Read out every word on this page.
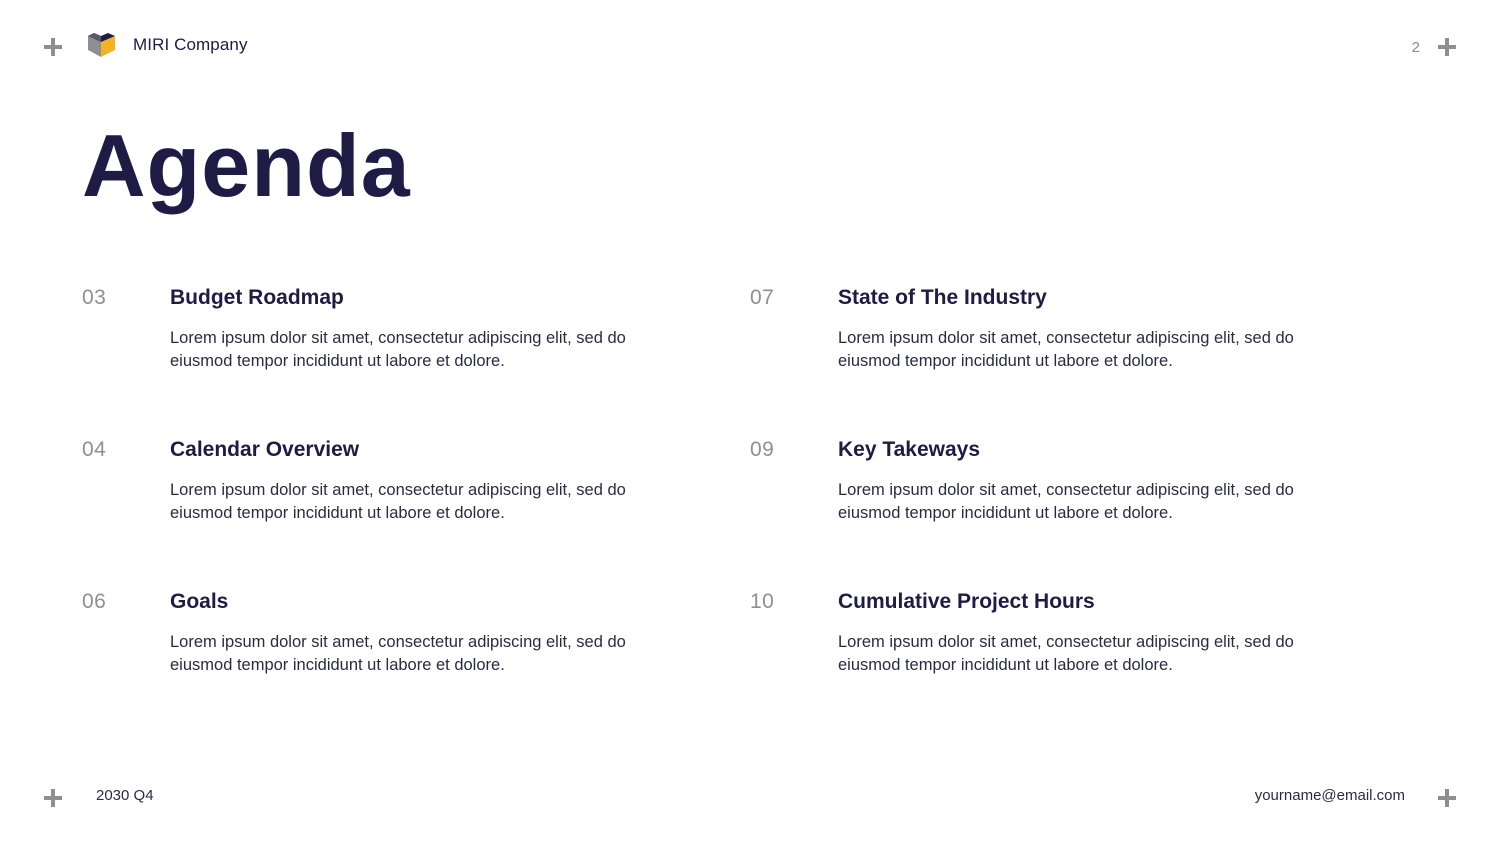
MIRI Company	2
Agenda
03	Budget Roadmap

Lorem ipsum dolor sit amet, consectetur adipiscing elit, sed do eiusmod tempor incididunt ut labore et dolore.

04	Calendar Overview

Lorem ipsum dolor sit amet, consectetur adipiscing elit, sed do eiusmod tempor incididunt ut labore et dolore.

06	Goals

Lorem ipsum dolor sit amet, consectetur adipiscing elit, sed do eiusmod tempor incididunt ut labore et dolore.

07	State of The Industry

Lorem ipsum dolor sit amet, consectetur adipiscing elit, sed do eiusmod tempor incididunt ut labore et dolore.

09	Key Takeways

Lorem ipsum dolor sit amet, consectetur adipiscing elit, sed do eiusmod tempor incididunt ut labore et dolore.

10	Cumulative Project Hours

Lorem ipsum dolor sit amet, consectetur adipiscing elit, sed do eiusmod tempor incididunt ut labore et dolore.

2030 Q4	yourname@email.com
